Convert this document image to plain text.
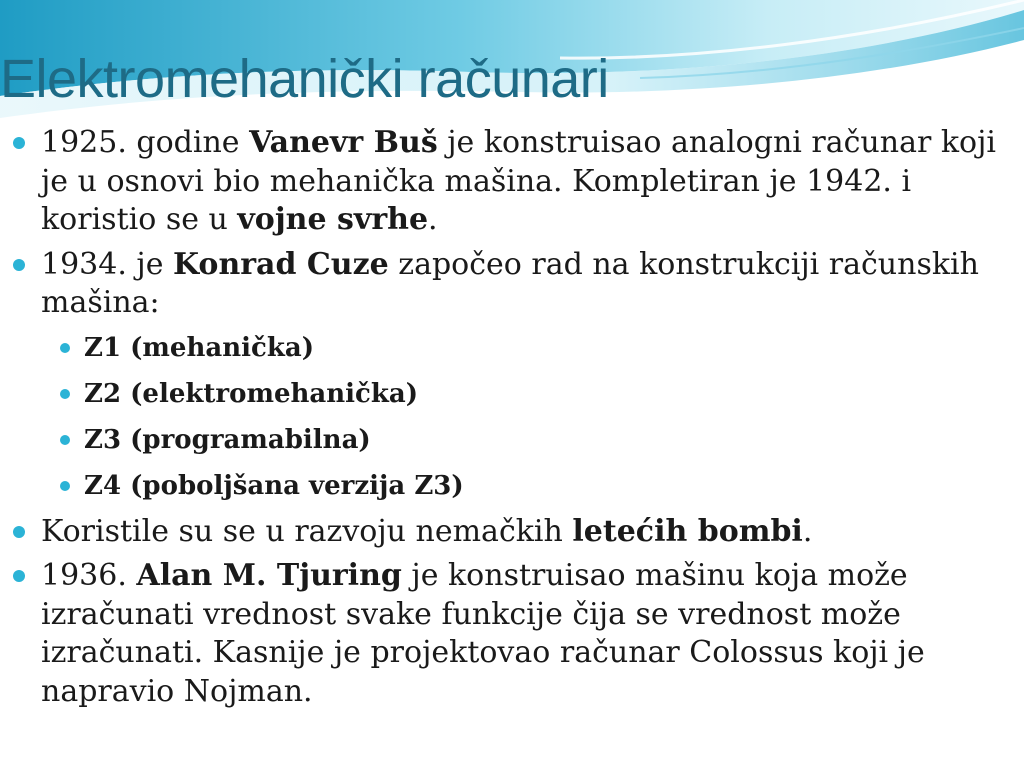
Elektromehanički računari
1925. godine Vanevr Buš je konstruisao analogni računar koji je u osnovi bio mehanička mašina. Kompletiran je 1942. i koristio se u vojne svrhe.
1934. je Konrad Cuze započeo rad na konstrukciji računskih mašina:
Z1 (mehanička)
Z2 (elektromehanička)
Z3 (programabilna)
Z4 (poboljšana verzija Z3)
Koristile su se u razvoju nemačkih letećih bombi.
1936. Alan M. Tjuring je konstruisao mašinu koja može izračunati vrednost svake funkcije čija se vrednost može izračunati. Kasnije je projektovao računar Colossus koji je napravio Nojman.
